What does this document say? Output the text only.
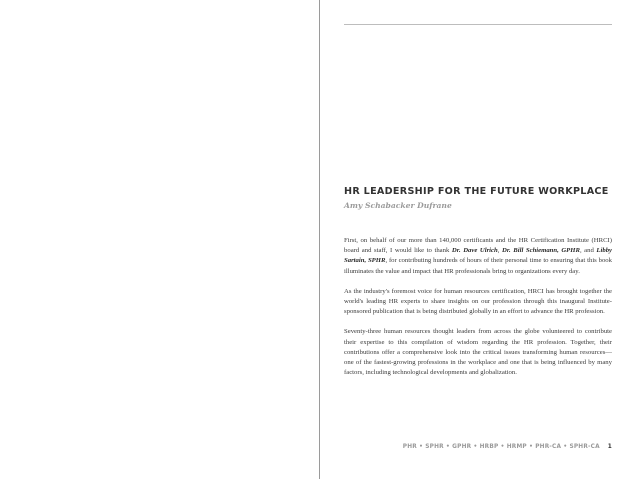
HR LEADERSHIP FOR THE FUTURE WORKPLACE
Amy Schabacker Dufrane

First, on behalf of our more than 140,000 certificants and the HR Certification Institute (HRCI) board and staff, I would like to thank Dr. Dave Ulrich, Dr. Bill Schiemann, GPHR, and Libby Sartain, SPHR, for contributing hundreds of hours of their personal time to ensuring that this book illuminates the value and impact that HR professionals bring to organizations every day.

As the industry's foremost voice for human resources certification, HRCI has brought together the world's leading HR experts to share insights on our profession through this inaugural Institute-sponsored publication that is being distributed globally in an effort to advance the HR profession.

Seventy-three human resources thought leaders from across the globe volunteered to contribute their expertise to this compilation of wisdom regarding the HR profession. Together, their contributions offer a comprehensive look into the critical issues transforming human resources—one of the fastest-growing professions in the workplace and one that is being influenced by many factors, including technological developments and globalization.

PHR • SPHR • GPHR • HRBP • HRMP • PHR-CA • SPHR-CA 1
